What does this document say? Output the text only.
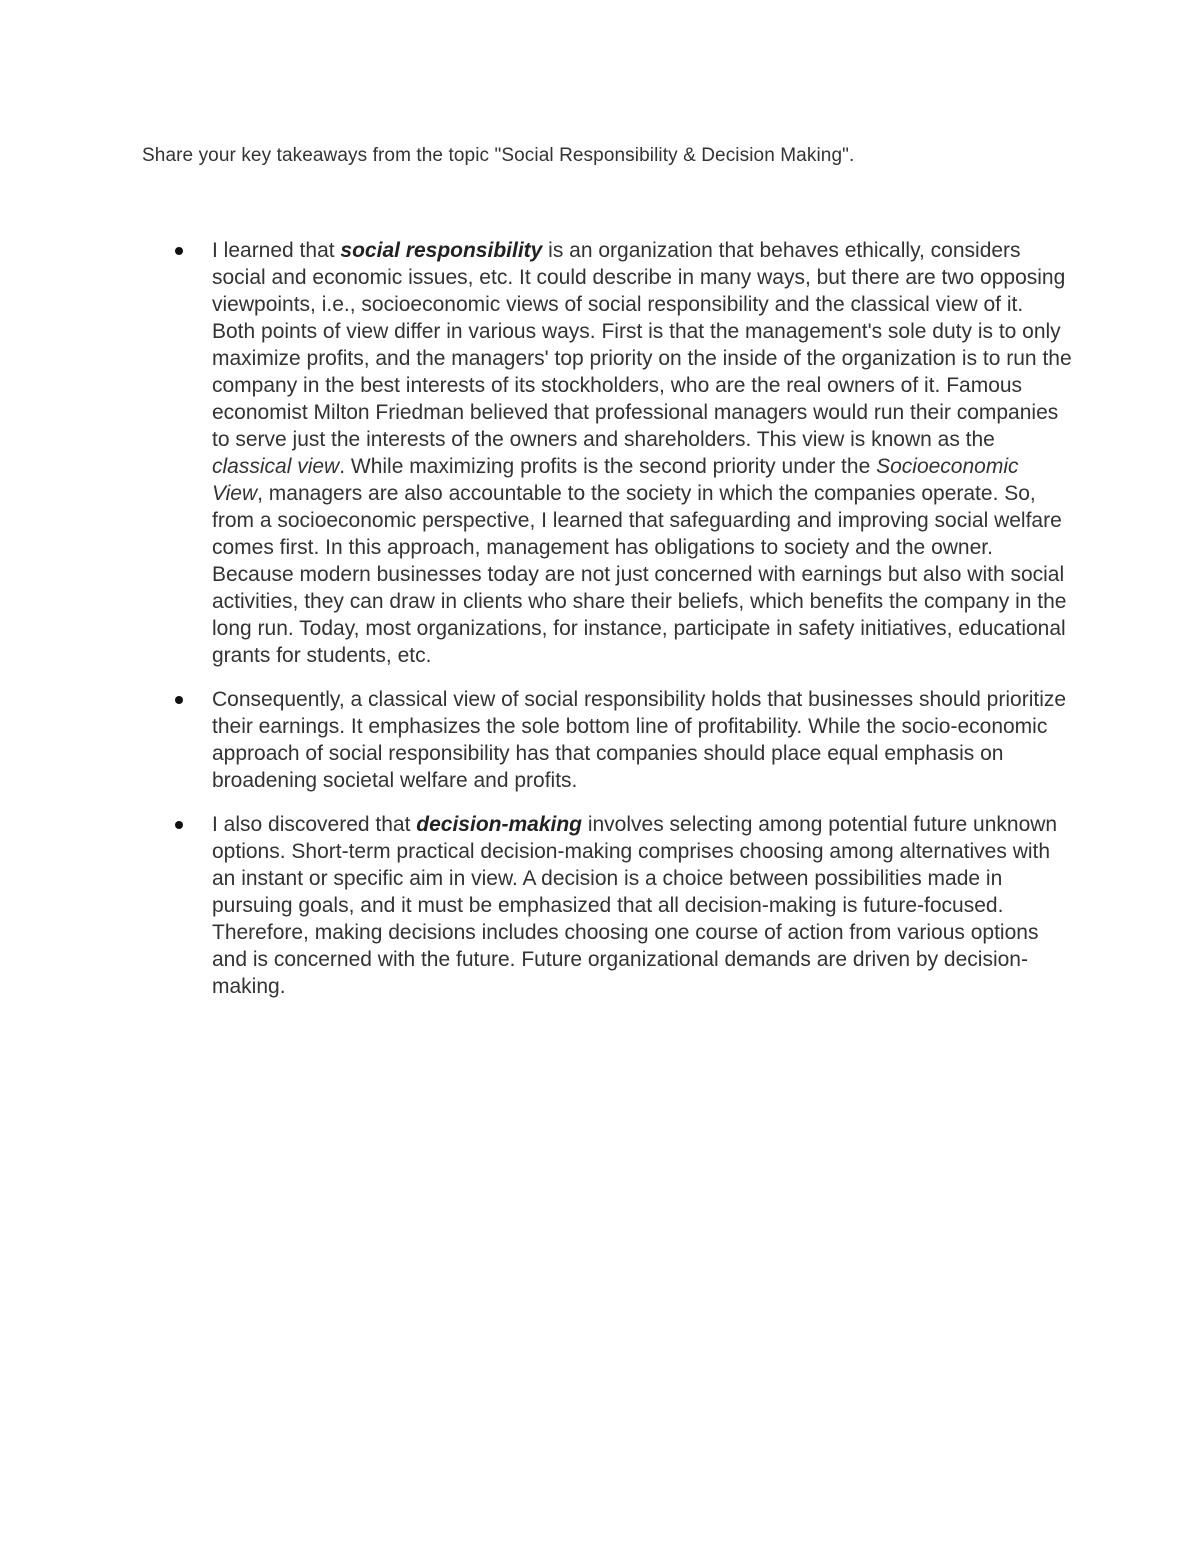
Share your key takeaways from the topic "Social Responsibility & Decision Making".
I learned that social responsibility is an organization that behaves ethically, considers social and economic issues, etc. It could describe in many ways, but there are two opposing viewpoints, i.e., socioeconomic views of social responsibility and the classical view of it. Both points of view differ in various ways. First is that the management's sole duty is to only maximize profits, and the managers' top priority on the inside of the organization is to run the company in the best interests of its stockholders, who are the real owners of it. Famous economist Milton Friedman believed that professional managers would run their companies to serve just the interests of the owners and shareholders. This view is known as the classical view. While maximizing profits is the second priority under the Socioeconomic View, managers are also accountable to the society in which the companies operate. So, from a socioeconomic perspective, I learned that safeguarding and improving social welfare comes first. In this approach, management has obligations to society and the owner. Because modern businesses today are not just concerned with earnings but also with social activities, they can draw in clients who share their beliefs, which benefits the company in the long run. Today, most organizations, for instance, participate in safety initiatives, educational grants for students, etc.
Consequently, a classical view of social responsibility holds that businesses should prioritize their earnings. It emphasizes the sole bottom line of profitability. While the socio-economic approach of social responsibility has that companies should place equal emphasis on broadening societal welfare and profits.
I also discovered that decision-making involves selecting among potential future unknown options. Short-term practical decision-making comprises choosing among alternatives with an instant or specific aim in view. A decision is a choice between possibilities made in pursuing goals, and it must be emphasized that all decision-making is future-focused. Therefore, making decisions includes choosing one course of action from various options and is concerned with the future. Future organizational demands are driven by decision-making.
